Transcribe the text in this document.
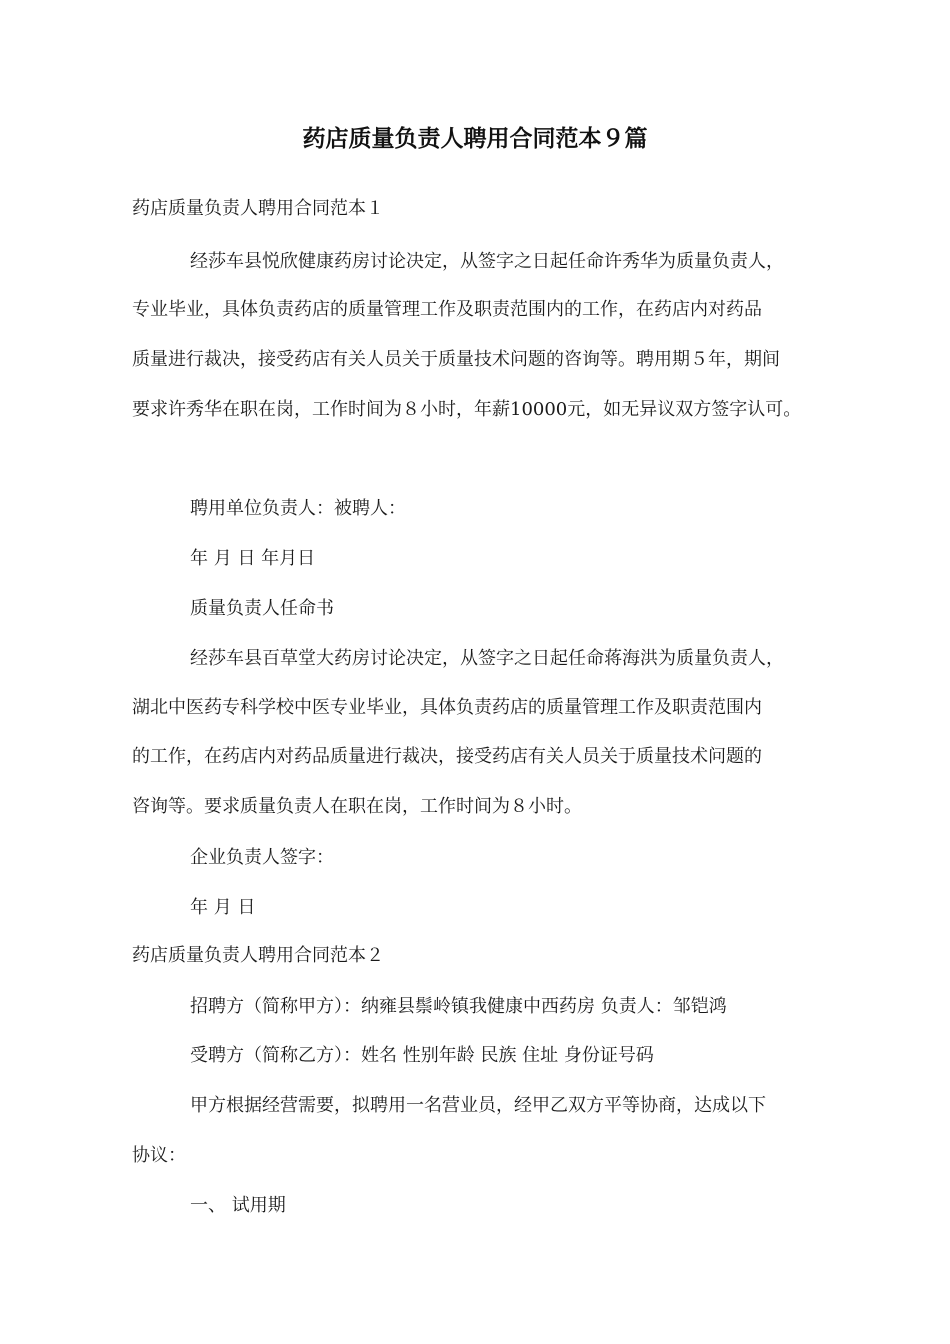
药店质量负责人聘用合同范本９篇

药店质量负责人聘用合同范本１

经莎车县悦欣健康药房讨论决定，从签字之日起任命许秀华为质量负责人，

专业毕业，具体负责药店的质量管理工作及职责范围内的工作，在药店内对药品

质量进行裁决，接受药店有关人员关于质量技术问题的咨询等。聘用期５年，期间

要求许秀华在职在岗，工作时间为８小时，年薪10000元，如无异议双方签字认可。

聘用单位负责人：被聘人：

年 月 日 年月日

质量负责人任命书

经莎车县百草堂大药房讨论决定，从签字之日起任命蒋海洪为质量负责人，

湖北中医药专科学校中医专业毕业，具体负责药店的质量管理工作及职责范围内

的工作，在药店内对药品质量进行裁决，接受药店有关人员关于质量技术问题的

咨询等。要求质量负责人在职在岗，工作时间为８小时。

企业负责人签字：

年 月 日

药店质量负责人聘用合同范本２

招聘方（简称甲方）：纳雍县鬃岭镇我健康中西药房 负责人：邹铠鸿

受聘方（简称乙方）：姓名 性别年龄 民族 住址 身份证号码

甲方根据经营需要，拟聘用一名营业员，经甲乙双方平等协商，达成以下

协议：

一、 试用期
